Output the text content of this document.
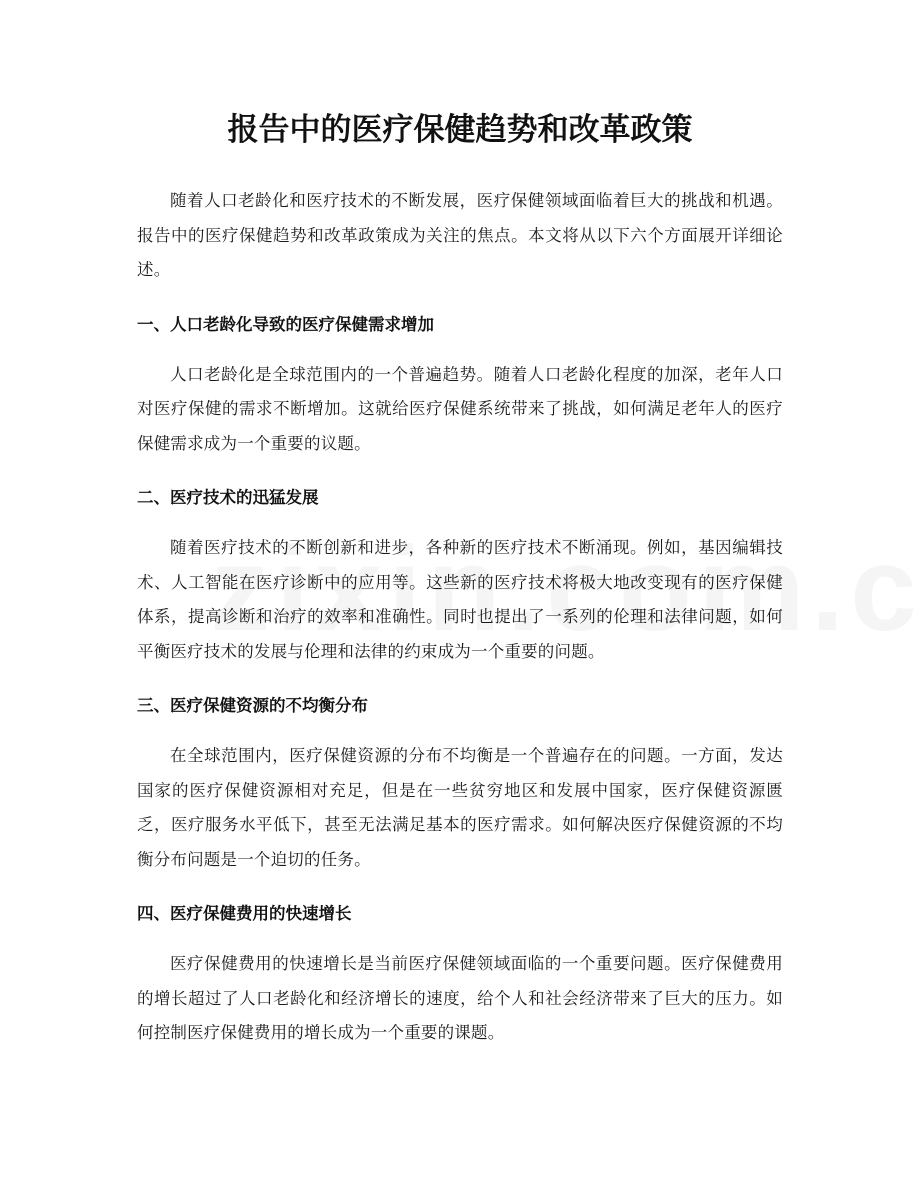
报告中的医疗保健趋势和改革政策

随着人口老龄化和医疗技术的不断发展，医疗保健领域面临着巨大的挑战和机遇。报告中的医疗保健趋势和改革政策成为关注的焦点。本文将从以下六个方面展开详细论述。

一、人口老龄化导致的医疗保健需求增加

人口老龄化是全球范围内的一个普遍趋势。随着人口老龄化程度的加深，老年人口对医疗保健的需求不断增加。这就给医疗保健系统带来了挑战，如何满足老年人的医疗保健需求成为一个重要的议题。

二、医疗技术的迅猛发展

随着医疗技术的不断创新和进步，各种新的医疗技术不断涌现。例如，基因编辑技术、人工智能在医疗诊断中的应用等。这些新的医疗技术将极大地改变现有的医疗保健体系，提高诊断和治疗的效率和准确性。同时也提出了一系列的伦理和法律问题，如何平衡医疗技术的发展与伦理和法律的约束成为一个重要的问题。

三、医疗保健资源的不均衡分布

在全球范围内，医疗保健资源的分布不均衡是一个普遍存在的问题。一方面，发达国家的医疗保健资源相对充足，但是在一些贫穷地区和发展中国家，医疗保健资源匮乏，医疗服务水平低下，甚至无法满足基本的医疗需求。如何解决医疗保健资源的不均衡分布问题是一个迫切的任务。

四、医疗保健费用的快速增长

医疗保健费用的快速增长是当前医疗保健领域面临的一个重要问题。医疗保健费用的增长超过了人口老龄化和经济增长的速度，给个人和社会经济带来了巨大的压力。如何控制医疗保健费用的增长成为一个重要的课题。
